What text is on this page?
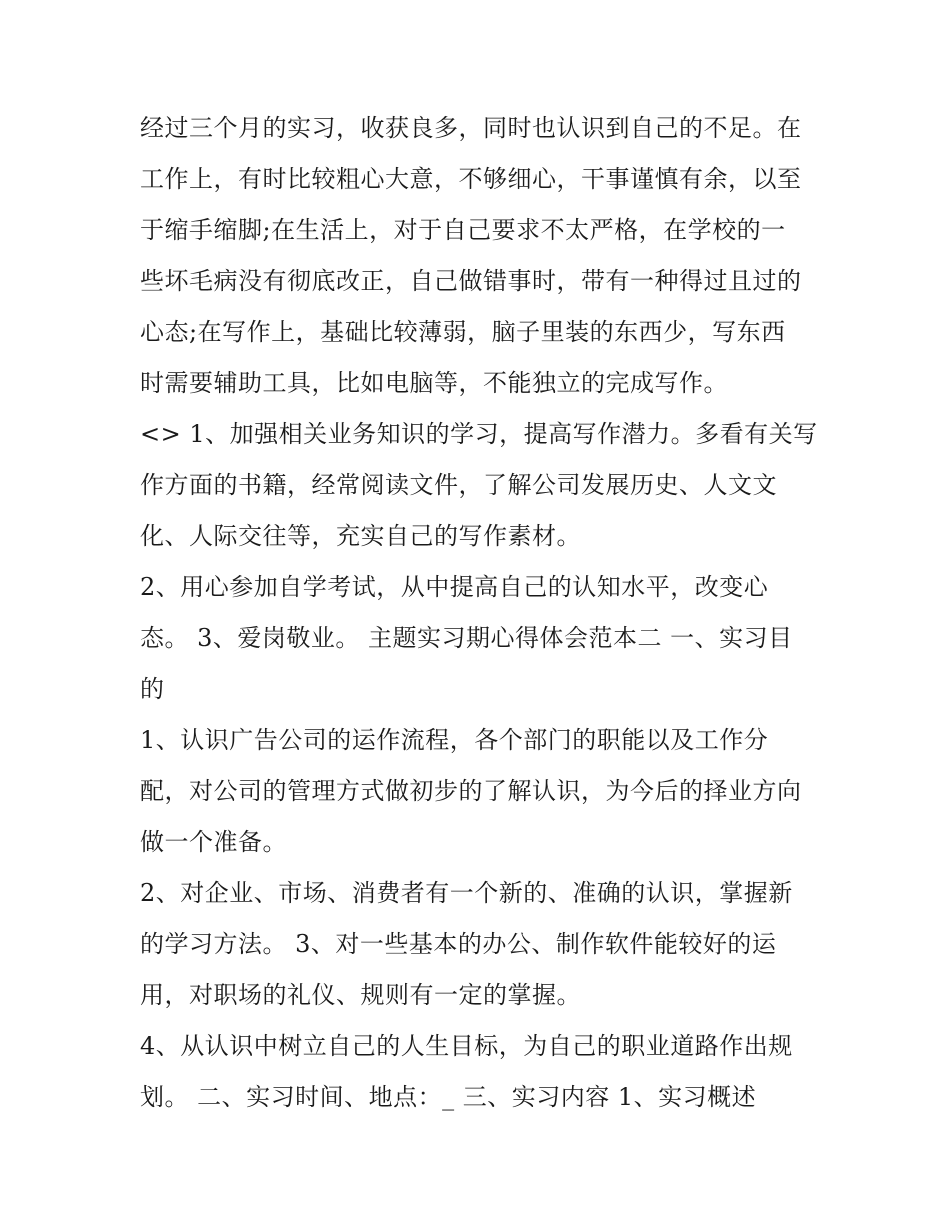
经过三个月的实习，收获良多，同时也认识到自己的不足。在
工作上，有时比较粗心大意，不够细心，干事谨慎有余，以至
于缩手缩脚;在生活上，对于自己要求不太严格，在学校的一
些坏毛病没有彻底改正，自己做错事时，带有一种得过且过的
心态;在写作上，基础比较薄弱，脑子里装的东西少，写东西
时需要辅助工具，比如电脑等，不能独立的完成写作。
<> 1、加强相关业务知识的学习，提高写作潜力。多看有关写
作方面的书籍，经常阅读文件，了解公司发展历史、人文文
化、人际交往等，充实自己的写作素材。
2、用心参加自学考试，从中提高自己的认知水平，改变心
态。 3、爱岗敬业。 主题实习期心得体会范本二 一、实习目
的
1、认识广告公司的运作流程，各个部门的职能以及工作分
配，对公司的管理方式做初步的了解认识，为今后的择业方向
做一个准备。
2、对企业、市场、消费者有一个新的、准确的认识，掌握新
的学习方法。 3、对一些基本的办公、制作软件能较好的运
用，对职场的礼仪、规则有一定的掌握。
4、从认识中树立自己的人生目标，为自己的职业道路作出规
划。 二、实习时间、地点：_ 三、实习内容 1、实习概述
